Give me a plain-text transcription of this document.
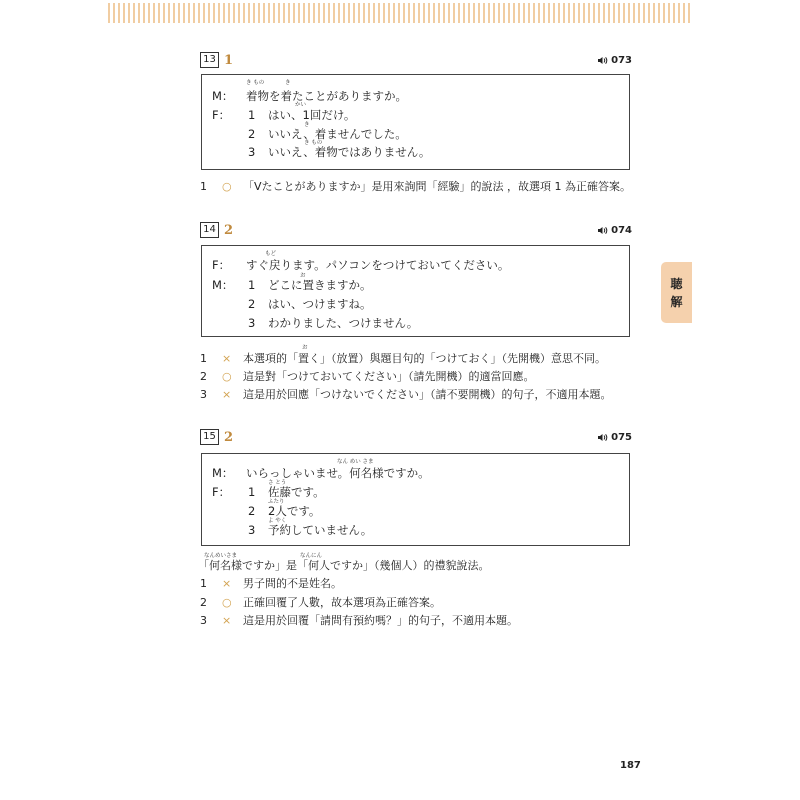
13 1	073
き もの	き
M： 着物を着たことがありますか。
かい
F： 1 はい、1回だけ。
き
2 いいえ、着ませんでした。
き もの
3 いいえ、着物ではありません。
1 ○ 「Vたことがありますか」是用來詢問「經驗」的說法 ，故選項 1 為正確答案。
14 2	074
もど
F： すぐ戻ります。パソコンをつけておいてください。
お
M： 1 どこに置きますか。
2 はい、つけますね。
3 わかりました、つけません。
お
1 × 本選項的「置く」（放置）與題目句的「つけておく」（先開機）意思不同。
2 ○ 這是對「つけておいてください」（請先開機）的適當回應。
3 × 這是用於回應「つけないでください」（請不要開機）的句子，不適用本題。
15 2	075
なん めい さま
M： いらっしゃいませ。何名様ですか。
さ とう
F： 1 佐藤です。
ふたり
2 2人です。
よ やく
3 予約していません。
なんめいさま	なんにん
「何名様ですか」是「何人ですか」（幾個人）的禮貌說法。
1 × 男子問的不是姓名。
2 ○ 正確回覆了人數，故本選項為正確答案。
3 × 這是用於回覆「請問有預約嗎？」的句子，不適用本題。
聴
解
187
